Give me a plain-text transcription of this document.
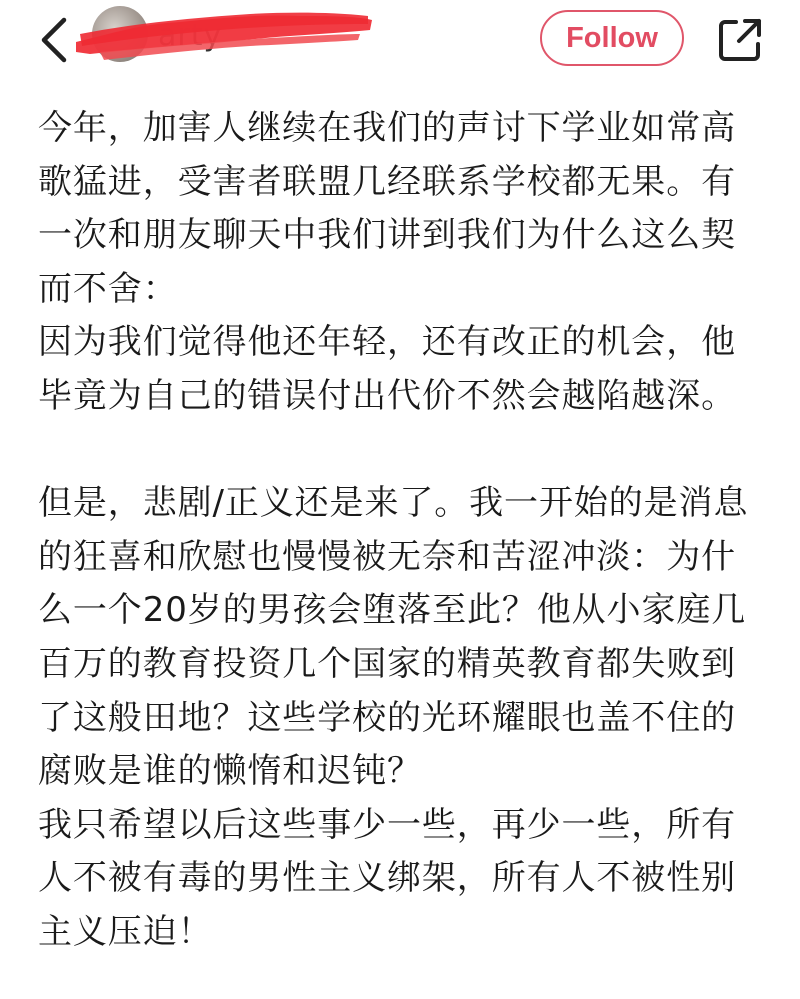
Follow

今年，加害人继续在我们的声讨下学业如常高歌猛进，受害者联盟几经联系学校都无果。有一次和朋友聊天中我们讲到我们为什么这么契而不舍：

因为我们觉得他还年轻，还有改正的机会，他毕竟为自己的错误付出代价不然会越陷越深。

但是，悲剧/正义还是来了。我一开始的是消息的狂喜和欣慰也慢慢被无奈和苦涩冲淡：为什么一个20岁的男孩会堕落至此？他从小家庭几百万的教育投资几个国家的精英教育都失败到了这般田地？这些学校的光环耀眼也盖不住的腐败是谁的懒惰和迟钝？

我只希望以后这些事少一些，再少一些，所有人不被有毒的男性主义绑架，所有人不被性别主义压迫！
